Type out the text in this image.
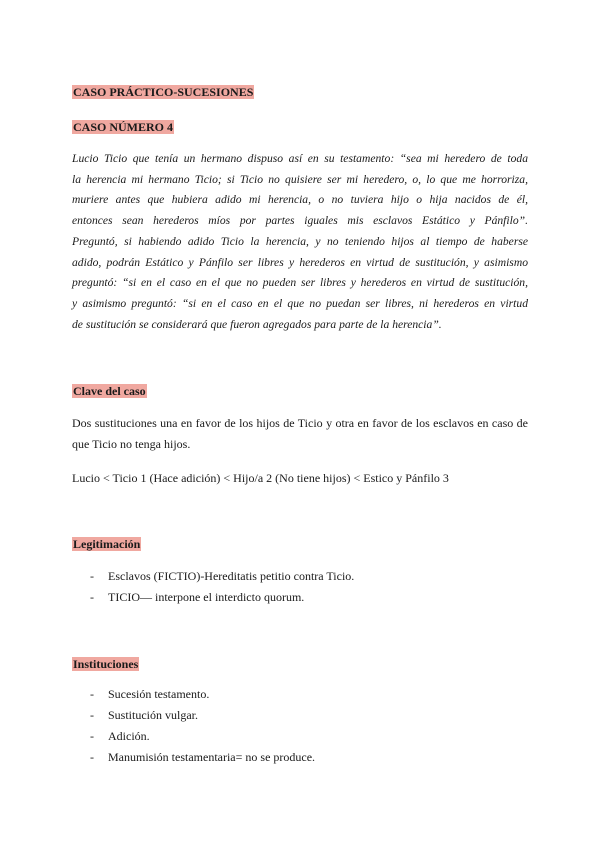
CASO PRÁCTICO-SUCESIONES
CASO NÚMERO 4
Lucio Ticio que tenía un hermano dispuso así en su testamento: “sea mi heredero de toda
la herencia mi hermano Ticio; si Ticio no quisiere ser mi heredero, o, lo que me horroriza,
muriere antes que hubiera adido mi herencia, o no tuviera hijo o hija nacidos de él,
entonces sean herederos míos por partes iguales mis esclavos Estático y Pánfilo”.
Preguntó, si habiendo adido Ticio la herencia, y no teniendo hijos al tiempo de haberse
adido, podrán Estático y Pánfilo ser libres y herederos en virtud de sustitución, y asimismo
preguntó: “si en el caso en el que no pueden ser libres y herederos en virtud de sustitución,
y asimismo preguntó: “si en el caso en el que no puedan ser libres, ni herederos en virtud
de sustitución se considerará que fueron agregados para parte de la herencia”.
Clave del caso
Dos sustituciones una en favor de los hijos de Ticio y otra en favor de los esclavos en caso de
que Ticio no tenga hijos.
Lucio < Ticio 1 (Hace adición) < Hijo/a 2 (No tiene hijos) < Estico y Pánfilo 3
Legitimación
- Esclavos (FICTIO)-Hereditatis petitio contra Ticio.
- TICIO— interpone el interdicto quorum.
Instituciones
- Sucesión testamento.
- Sustitución vulgar.
- Adición.
- Manumisión testamentaria= no se produce.
